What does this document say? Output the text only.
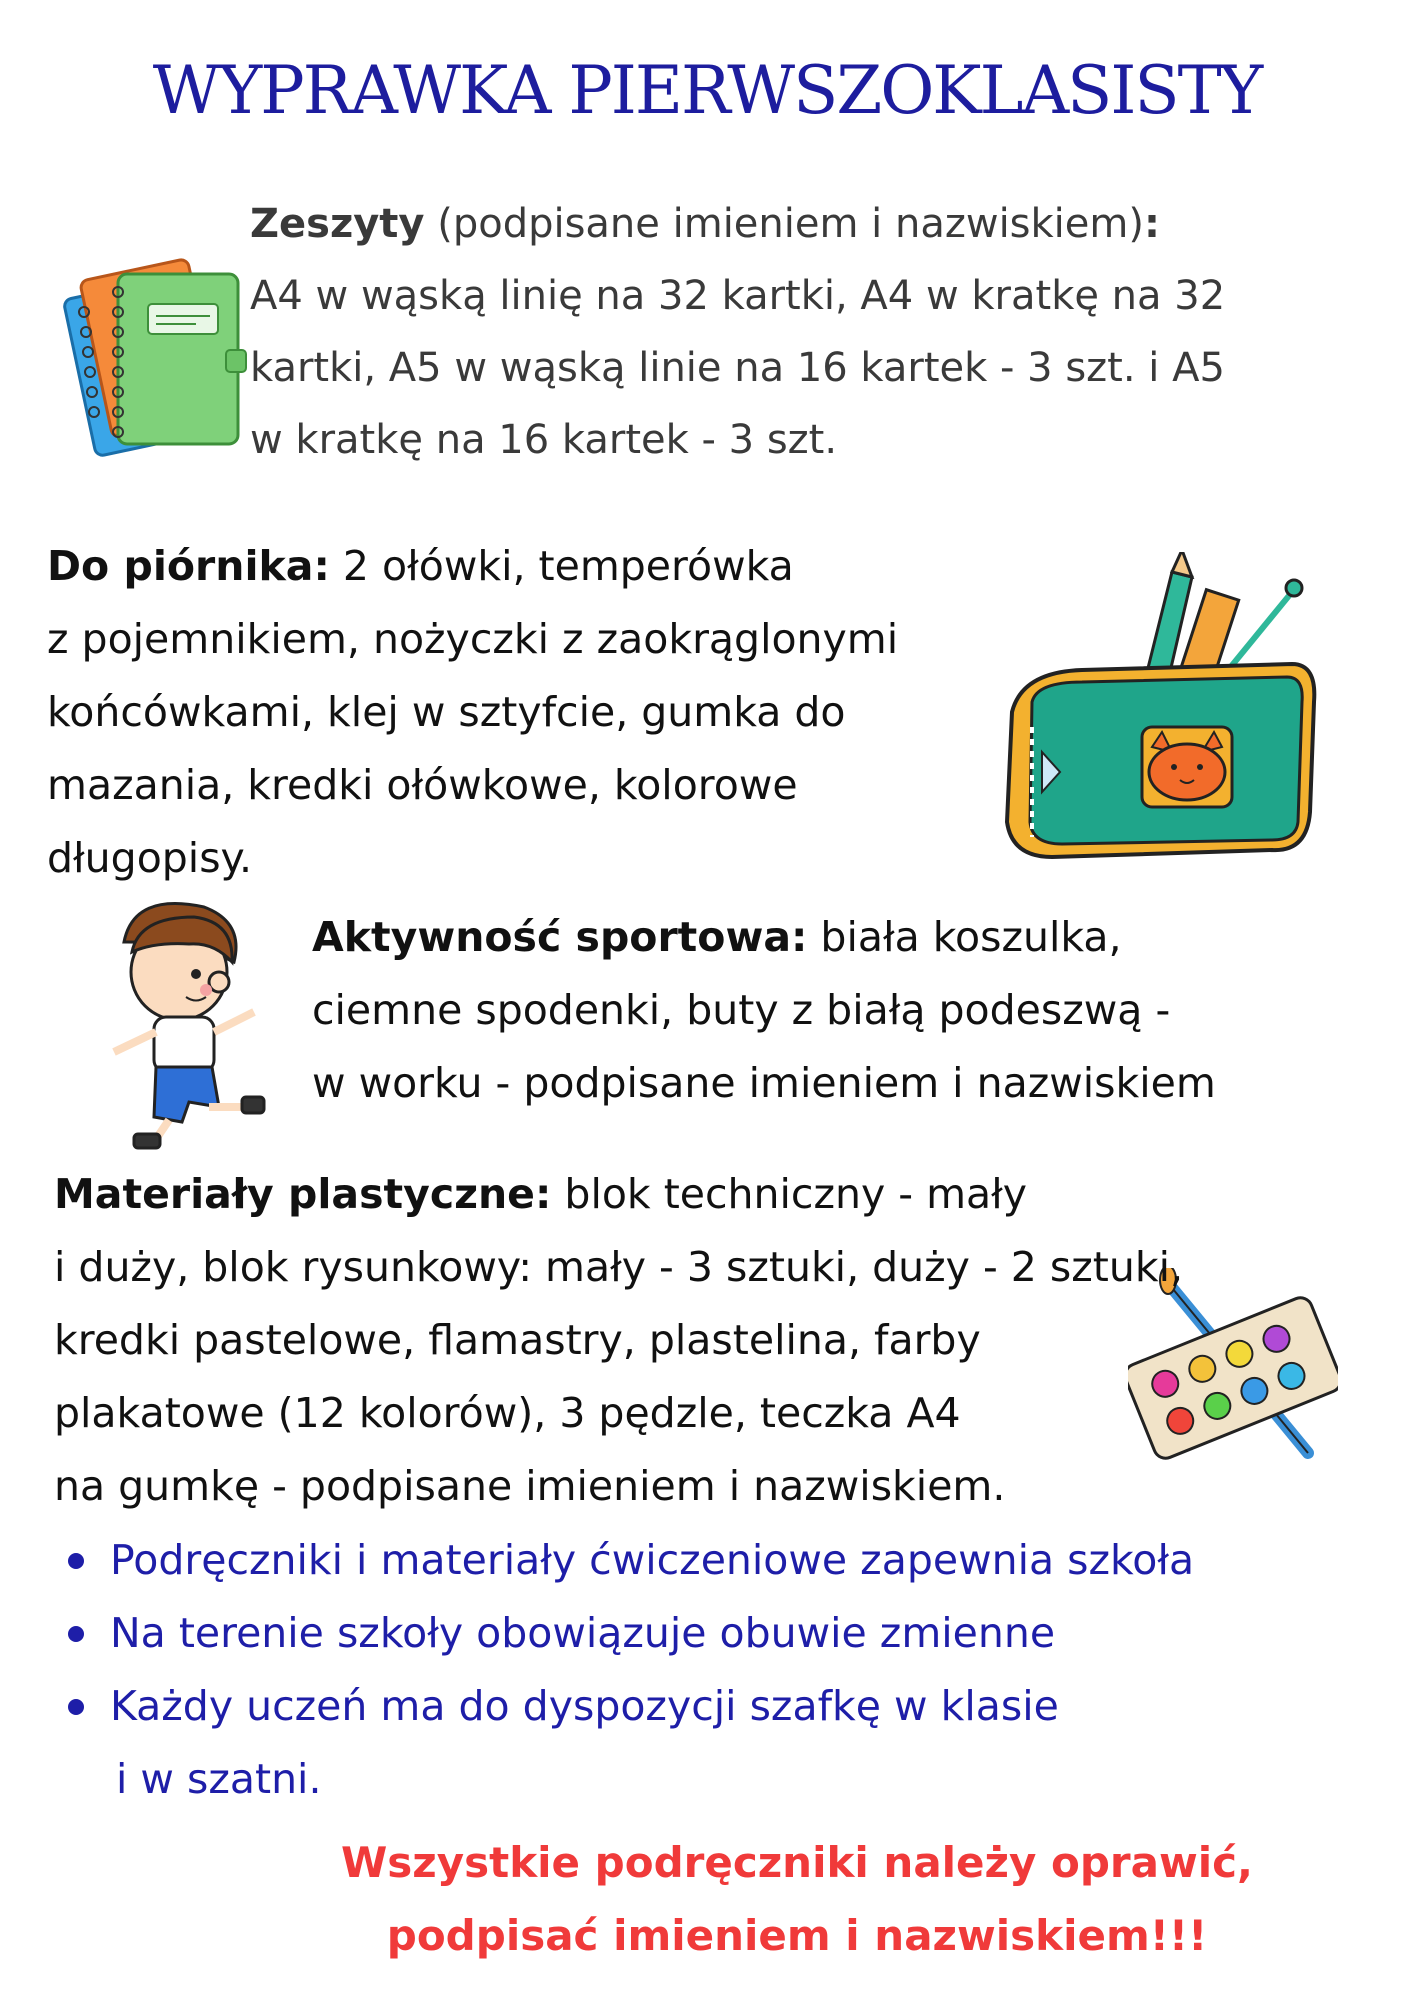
WYPRAWKA PIERWSZOKLASISTY

Zeszyty (podpisane imieniem i nazwiskiem):
A4 w wąską linię na 32 kartki, A4 w kratkę na 32
kartki, A5 w wąską linie na 16 kartek - 3 szt. i A5
w kratkę na 16 kartek - 3 szt.

Do piórnika: 2 ołówki, temperówka
z pojemnikiem, nożyczki z zaokrąglonymi
końcówkami, klej w sztyfcie, gumka do
mazania, kredki ołówkowe, kolorowe
długopisy.

Aktywność sportowa: biała koszulka,
ciemne spodenki, buty z białą podeszwą -
w worku - podpisane imieniem i nazwiskiem

Materiały plastyczne: blok techniczny - mały
i duży, blok rysunkowy: mały - 3 sztuki, duży - 2 sztuki,
kredki pastelowe, flamastry, plastelina, farby
plakatowe (12 kolorów), 3 pędzle, teczka A4
na gumkę - podpisane imieniem i nazwiskiem.

Podręczniki i materiały ćwiczeniowe zapewnia szkoła
Na terenie szkoły obowiązuje obuwie zmienne
Każdy uczeń ma do dyspozycji szafkę w klasie
i w szatni.

Wszystkie podręczniki należy oprawić,
podpisać imieniem i nazwiskiem!!!
